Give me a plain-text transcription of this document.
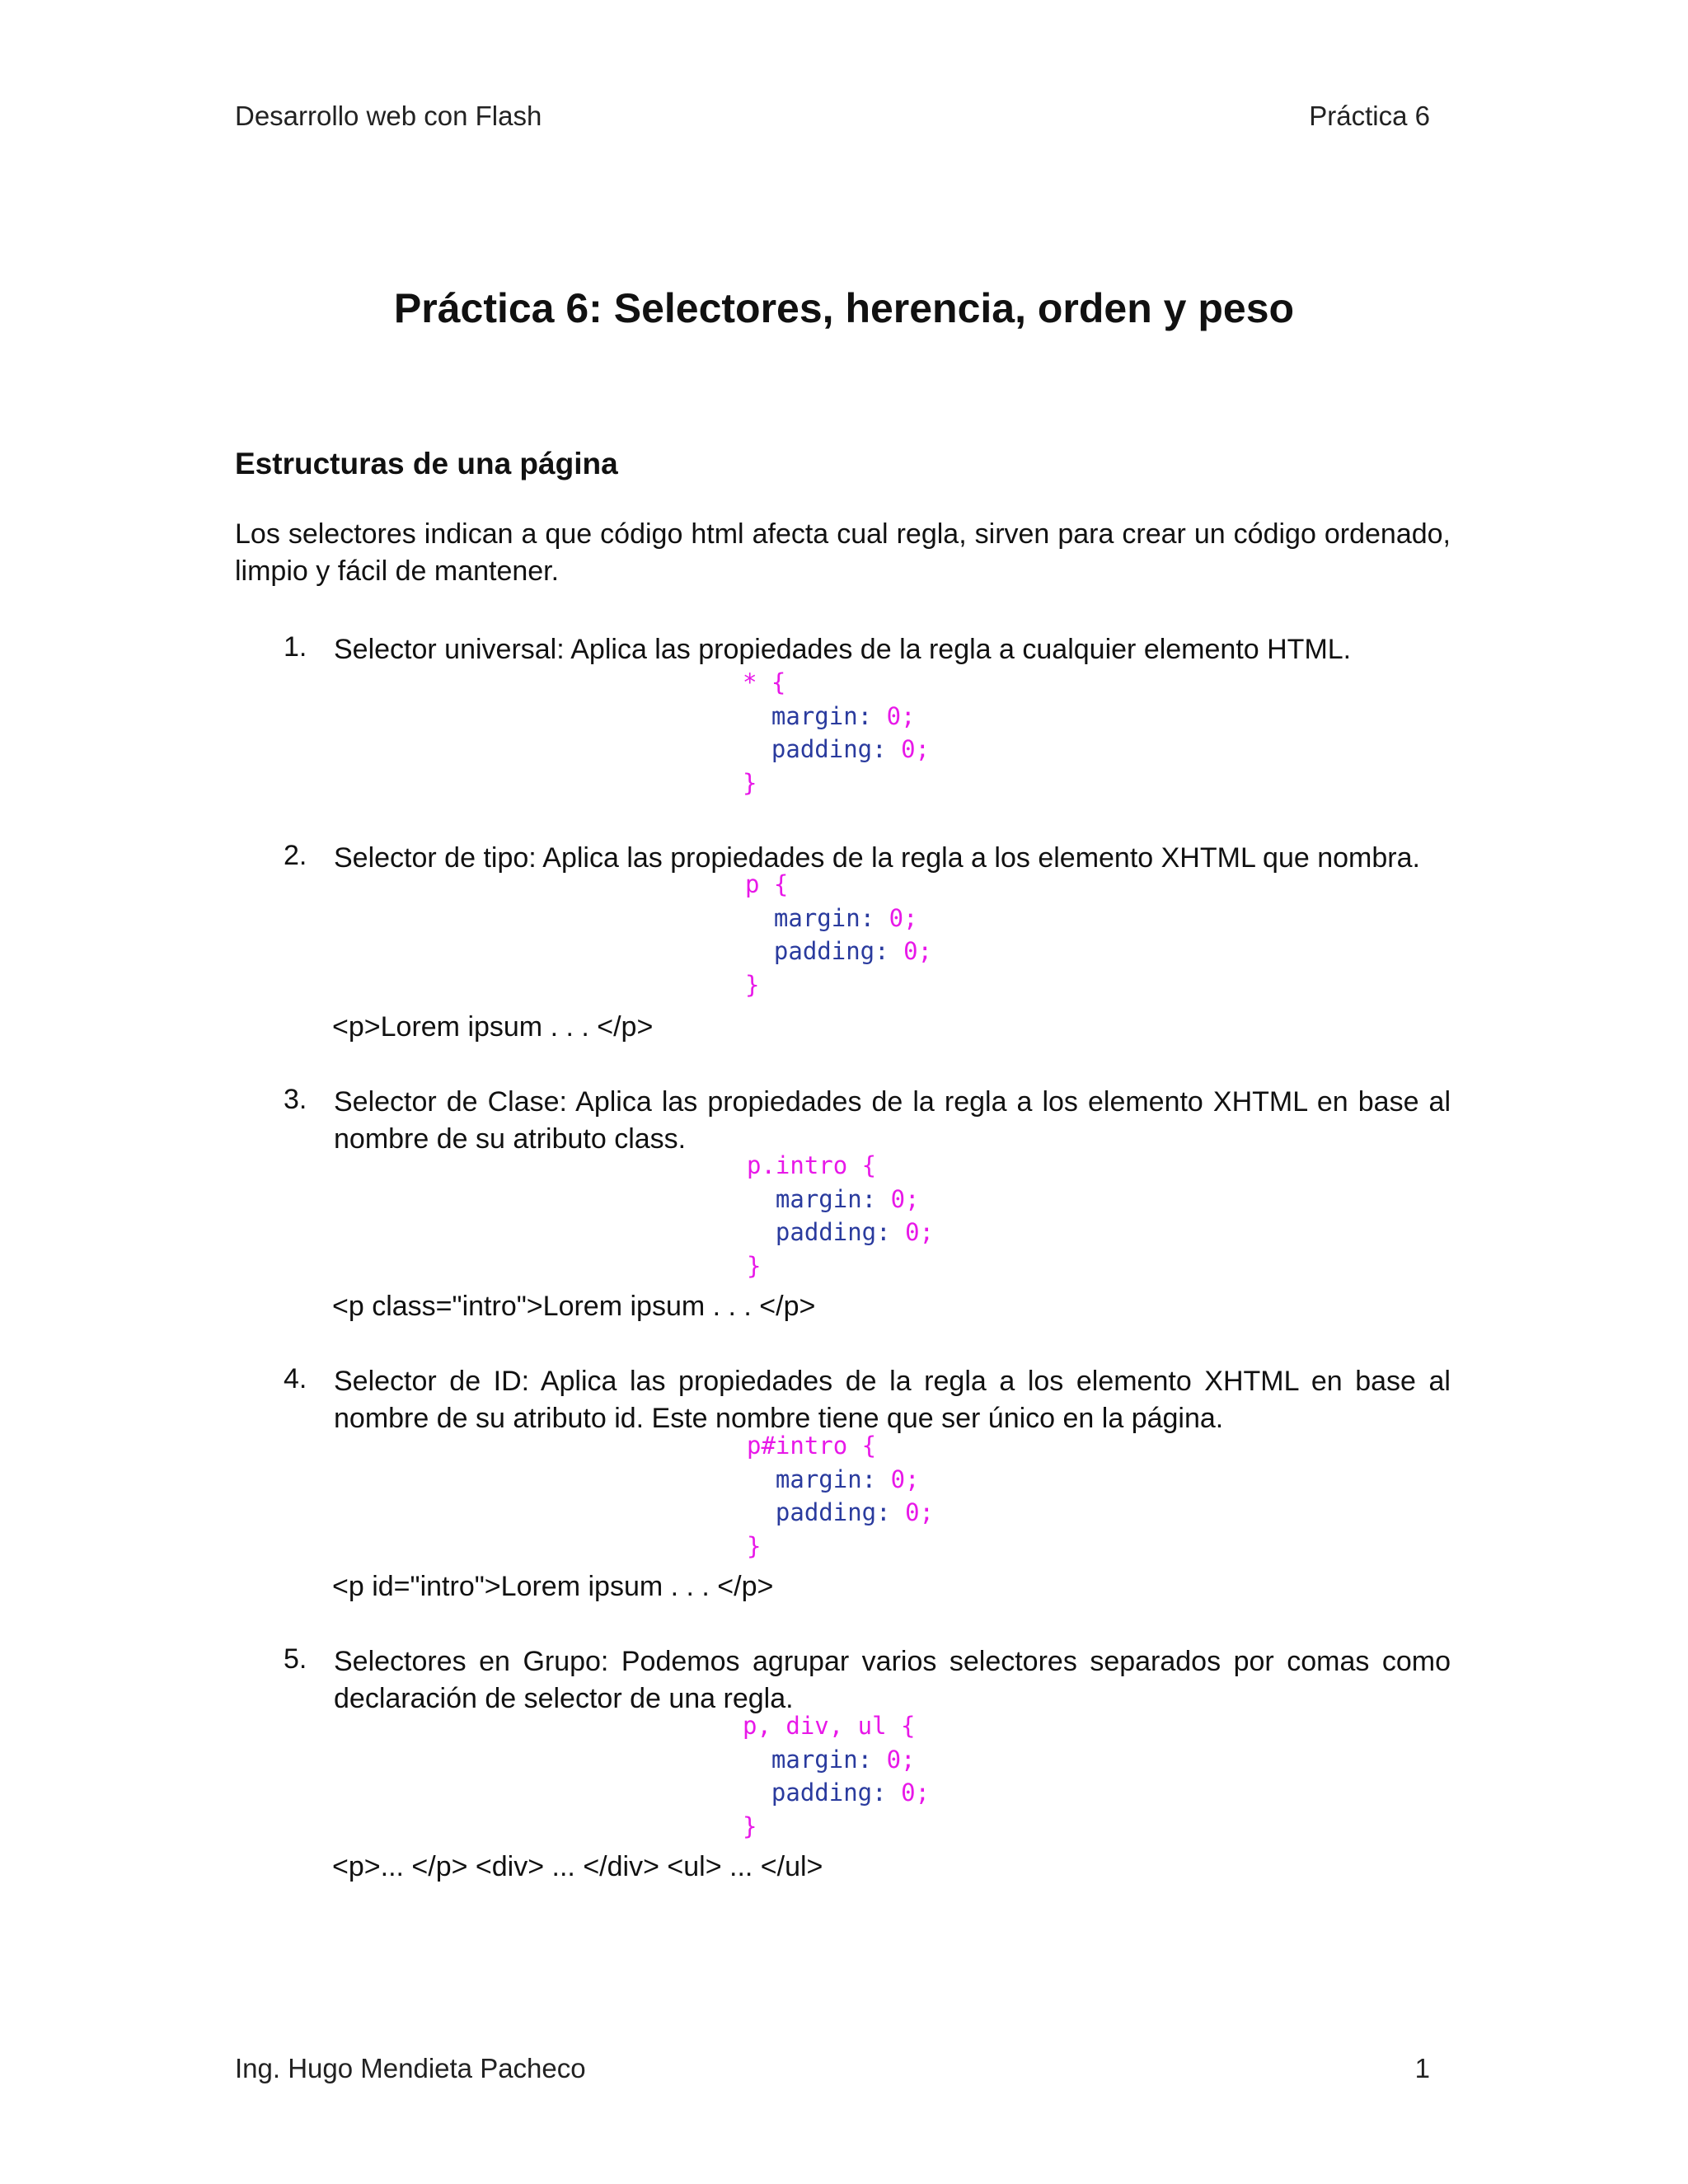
Desarrollo web con Flash	Práctica 6
Práctica 6: Selectores, herencia, orden y peso
Estructuras de una página
Los selectores indican a que código html afecta cual regla, sirven para crear un código ordenado, limpio y fácil de mantener.
1. Selector universal: Aplica las propiedades de la regla a cualquier elemento HTML.
* {
margin: 0;
padding: 0;
}
2. Selector de tipo: Aplica las propiedades de la regla a los elemento XHTML que nombra.
p {
margin: 0;
padding: 0;
}
<p>Lorem ipsum . . . </p>
3. Selector de Clase: Aplica las propiedades de la regla a los elemento XHTML en base al nombre de su atributo class.
p.intro {
margin: 0;
padding: 0;
}
<p class="intro">Lorem ipsum . . . </p>
4. Selector de ID: Aplica las propiedades de la regla a los elemento XHTML en base al nombre de su atributo id. Este nombre tiene que ser único en la página.
p#intro {
margin: 0;
padding: 0;
}
<p id="intro">Lorem ipsum . . . </p>
5. Selectores en Grupo: Podemos agrupar varios selectores separados por comas como declaración de selector de una regla.
p, div, ul {
margin: 0;
padding: 0;
}
<p>... </p> <div> ... </div> <ul> ... </ul>
Ing. Hugo Mendieta Pacheco	1
